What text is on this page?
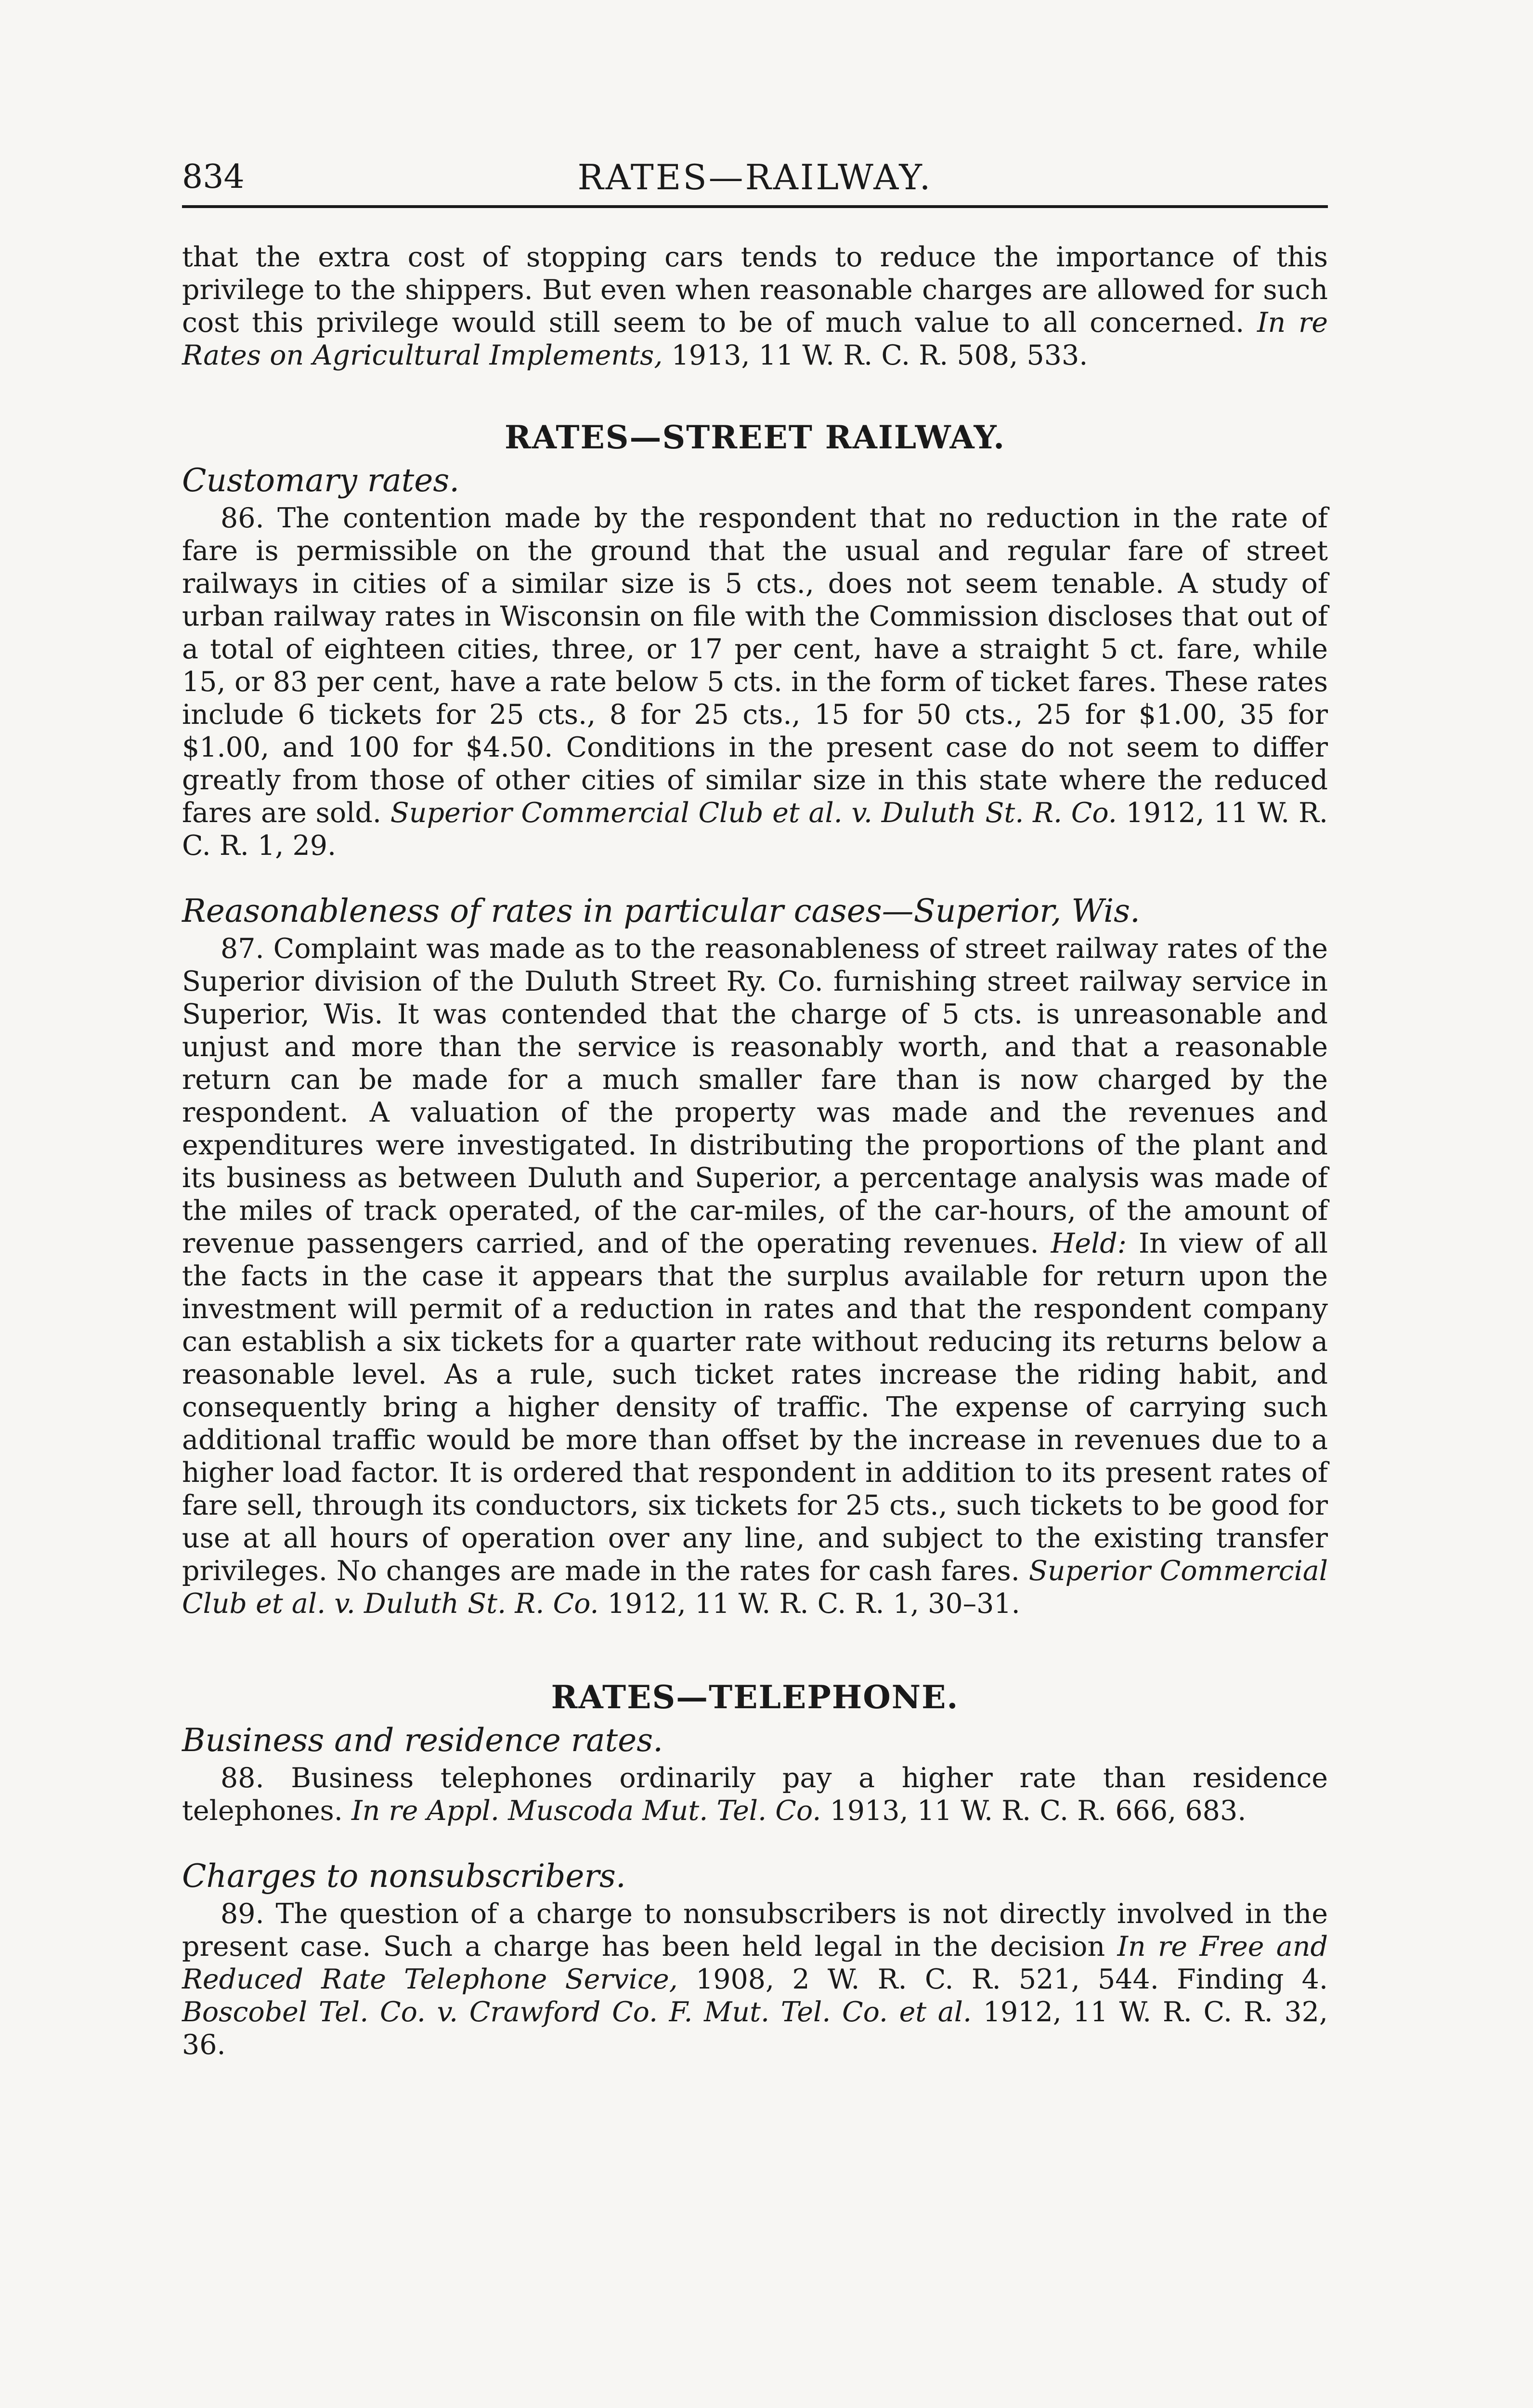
834	RATES—RAILWAY.

that the extra cost of stopping cars tends to reduce the importance of this privilege to the shippers. But even when reasonable charges are allowed for such cost this privilege would still seem to be of much value to all concerned. In re Rates on Agricultural Implements, 1913, 11 W. R. C. R. 508, 533.

RATES—STREET RAILWAY.
Customary rates.

86. The contention made by the respondent that no reduction in the rate of fare is permissible on the ground that the usual and regular fare of street railways in cities of a similar size is 5 cts., does not seem tenable. A study of urban railway rates in Wisconsin on file with the Commission discloses that out of a total of eighteen cities, three, or 17 per cent, have a straight 5 ct. fare, while 15, or 83 per cent, have a rate below 5 cts. in the form of ticket fares. These rates include 6 tickets for 25 cts., 8 for 25 cts., 15 for 50 cts., 25 for $1.00, 35 for $1.00, and 100 for $4.50. Conditions in the present case do not seem to differ greatly from those of other cities of similar size in this state where the reduced fares are sold. Superior Commercial Club et al. v. Duluth St. R. Co. 1912, 11 W. R. C. R. 1, 29.

Reasonableness of rates in particular cases—Superior, Wis.

87. Complaint was made as to the reasonableness of street railway rates of the Superior division of the Duluth Street Ry. Co. furnishing street railway service in Superior, Wis. It was contended that the charge of 5 cts. is unreasonable and unjust and more than the service is reasonably worth, and that a reasonable return can be made for a much smaller fare than is now charged by the respondent. A valuation of the property was made and the revenues and expenditures were investigated. In distributing the proportions of the plant and its business as between Duluth and Superior, a percentage analysis was made of the miles of track operated, of the car-miles, of the car-hours, of the amount of revenue passengers carried, and of the operating revenues. Held: In view of all the facts in the case it appears that the surplus available for return upon the investment will permit of a reduction in rates and that the respondent company can establish a six tickets for a quarter rate without reducing its returns below a reasonable level. As a rule, such ticket rates increase the riding habit, and consequently bring a higher density of traffic. The expense of carrying such additional traffic would be more than offset by the increase in revenues due to a higher load factor. It is ordered that respondent in addition to its present rates of fare sell, through its conductors, six tickets for 25 cts., such tickets to be good for use at all hours of operation over any line, and subject to the existing transfer privileges. No changes are made in the rates for cash fares. Superior Commercial Club et al. v. Duluth St. R. Co. 1912, 11 W. R. C. R. 1, 30–31.

RATES—TELEPHONE.
Business and residence rates.

88. Business telephones ordinarily pay a higher rate than residence telephones. In re Appl. Muscoda Mut. Tel. Co. 1913, 11 W. R. C. R. 666, 683.

Charges to nonsubscribers.

89. The question of a charge to nonsubscribers is not directly involved in the present case. Such a charge has been held legal in the decision In re Free and Reduced Rate Telephone Service, 1908, 2 W. R. C. R. 521, 544. Finding 4. Boscobel Tel. Co. v. Crawford Co. F. Mut. Tel. Co. et al. 1912, 11 W. R. C. R. 32, 36.
